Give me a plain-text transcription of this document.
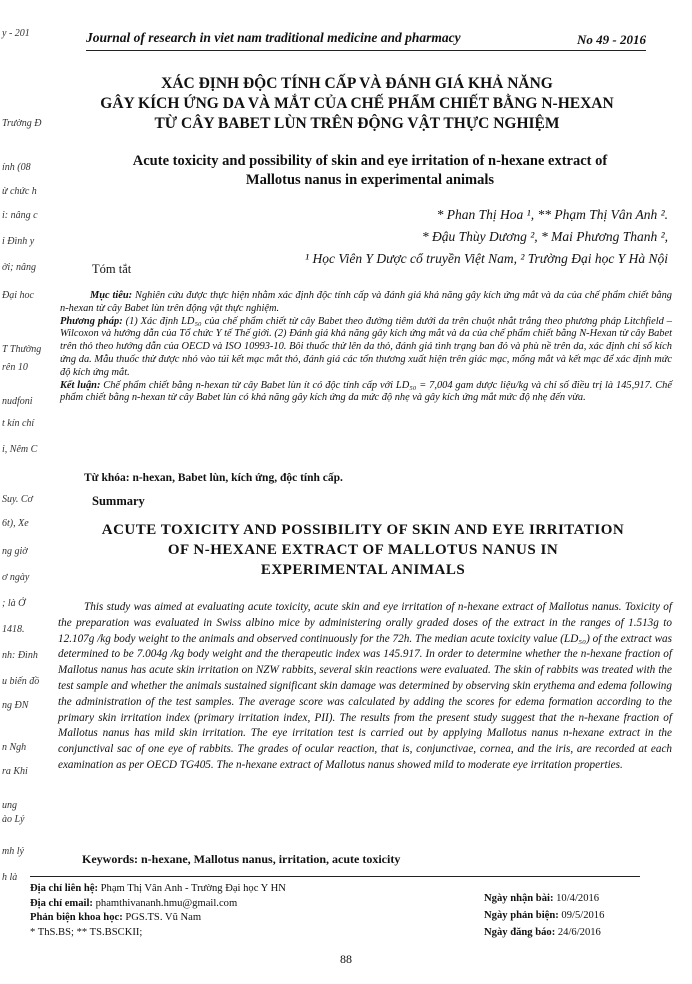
y - 201
Trường Đ
ính (08
ừ chức h
i: nâng c
i Đình y
ời; nâng
Đại hoc
T Thường
rên 10
nudfoni
t kín chí
i, Nêm C
Suy. Cơ
6t), Xe
ng giờ
ơ ngày
; là Ở
1418.
nh: Đình
u biến đồ
ng ĐN
n Ngh
ra Khi
ung
ào Lý
mh lý
h là
Journal of research in viet nam traditional medicine and pharmacy	No 49 - 2016
XÁC ĐỊNH ĐỘC TÍNH CẤP VÀ ĐÁNH GIÁ KHẢ NĂNG
GÂY KÍCH ỨNG DA VÀ MẮT CỦA CHẾ PHẨM CHIẾT BẰNG N-HEXAN
TỪ CÂY BABET LÙN TRÊN ĐỘNG VẬT THỰC NGHIỆM
Acute toxicity and possibility of skin and eye irritation of n-hexane extract of
Mallotus nanus in experimental animals
* Phan Thị Hoa ¹, ** Phạm Thị Vân Anh ².
* Đậu Thùy Dương ², * Mai Phương Thanh ²,
¹ Học Viên Y Dược cổ truyền Việt Nam, ² Trường Đại học Y Hà Nội
Tóm tắt

Mục tiêu: Nghiên cứu được thực hiện nhằm xác định độc tính cấp và đánh giá khả năng gây kích ứng mắt và da của chế phẩm chiết bằng n-hexan từ cây Babet lùn trên động vật thực nghiệm.

Phương pháp: (1) Xác định LD₅₀ của chế phẩm chiết từ cây Babet theo đường tiêm dưới da trên chuột nhắt trắng theo phương pháp Litchfield – Wilcoxon và hướng dẫn của Tổ chức Y tế Thế giới. (2) Đánh giá khả năng gây kích ứng mắt và da của chế phẩm chiết bằng N-Hexan từ cây Babet trên thỏ theo hướng dẫn của OECD và ISO 10993-10. Bôi thuốc thử lên da thỏ, đánh giá tình trạng ban đỏ và phù nề trên da, xác định chỉ số kích ứng da. Mẫu thuốc thử được nhỏ vào túi kết mạc mắt thỏ, đánh giá các tổn thương xuất hiện trên giác mạc, mống mắt và kết mạc để xác định mức độ kích ứng mắt.

Kết luận: Chế phẩm chiết bằng n-hexan từ cây Babet lùn ít có độc tính cấp với LD₅₀ = 7,004 gam dược liệu/kg và chỉ số điều trị là 145,917. Chế phẩm chiết bằng n-hexan từ cây Babet lùn có khả năng gây kích ứng da mức độ nhẹ và gây kích ứng mắt mức độ nhẹ đến vừa.

Từ khóa: n-hexan, Babet lùn, kích ứng, độc tính cấp.
Summary
ACUTE TOXICITY AND POSSIBILITY OF SKIN AND EYE IRRITATION
OF N-HEXANE EXTRACT OF MALLOTUS NANUS IN
EXPERIMENTAL ANIMALS

This study was aimed at evaluating acute toxicity, acute skin and eye irritation of n-hexane extract of Mallotus nanus. Toxicity of the preparation was evaluated in Swiss albino mice by administering orally graded doses of the extract in the ranges of 1.513g to 12.107g /kg body weight to the animals and observed continuously for the 72h. The median acute toxicity value (LD₅₀) of the extract was determined to be 7.004g /kg body weight and the therapeutic index was 145.917. In order to determine whether the n-hexane fraction of Mallotus nanus has acute skin irritation on NZW rabbits, several skin reactions were evaluated. The skin of rabbits was treated with the test sample and whether the animals sustained significant skin damage was determined by observing skin erythema and edema following the administration of the test samples. The average score was calculated by adding the scores for edema formation according to the primary skin irritation index (primary irritation index, PII). The results from the present study suggest that the n-hexane fraction of Mallotus nanus has mild skin irritation. The eye irritation test is carried out by applying Mallotus nanus n-hexane extract in the conjunctival sac of one eye of rabbits. The grades of ocular reaction, that is, conjunctivae, cornea, and the iris, are recorded at each examination as per OECD TG405. The n-hexane extract of Mallotus nanus showed mild to moderate eye irritation properties.

Keywords: n-hexane, Mallotus nanus, irritation, acute toxicity
Địa chỉ liên hệ: Phạm Thị Vân Anh - Trường Đại học Y HN
Địa chỉ email: phamthivananh.hmu@gmail.com
Phản biện khoa học: PGS.TS. Vũ Nam
* ThS.BS; ** TS.BSCKII;
Ngày nhận bài: 10/4/2016
Ngày phản biện: 09/5/2016
Ngày đăng báo: 24/6/2016
88
